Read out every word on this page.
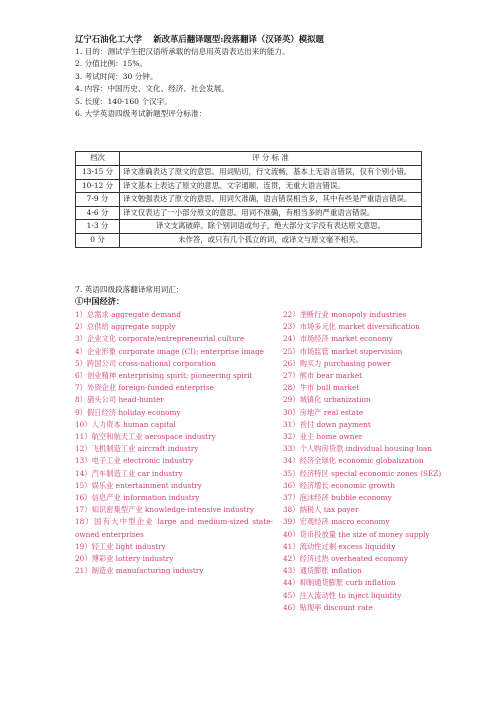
辽宁石油化工大学　 新改革后翻译题型:段落翻译（汉译英）模拟题
1. 目的：测试学生把汉语所承载的信息用英语表达出来的能力。
2. 分值比例：15%。
3. 考试时间：30 分钟。
4. 内容：中国历史、文化、经济、社会发展。
5. 长度：140-160 个汉字。
6. 大学英语四级考试新题型评分标准：
档次	评 分 标 准
13-15 分	译文准确表达了原文的意思。用词贴切，行文流畅，基本上无语言错误，仅有个别小错。
10-12 分	译文基本上表达了原文的意思。文字通顺、连贯，无重大语言错误。
7-9 分	译文勉强表达了原文的意思。用词欠准确，语言错误相当多，其中有些是严重语言错误。
4-6 分	译文仅表达了一小部分原文的意思。用词不准确，有相当多的严重语言错误。
1-3 分	译文支离破碎。除个别词语或句子，绝大部分文字没有表达原文意思。
0 分	未作答，或只有几个孤立的词，或译文与原文毫不相关。
7. 英语四级段落翻译常用词汇：
①中国经济：
1）总需求 aggregate demand
2）总供给 aggregate supply
3）企业文化 corporate/entrepreneurial culture
4）企业形象 corporate image (CI); enterprise image
5）跨国公司 cross-national corporation
6）创业精神 enterprising spirit; pioneering spirit
7）外资企业 foreign-funded enterprise
8）猎头公司 head-hunter
9）假日经济 holiday economy
10）人力资本 human capital
11）航空和航天工业 aerospace industry
12）飞机制造工业 aircraft industry
13）电子工业 electronic industry
14）汽车制造工业 car industry
15）娱乐业 entertainment industry
16）信息产业 information industry
17）知识密集型产业 knowledge-intensive industry
18）国有大中型企业 large and medium-sized state-owned enterprises
19）轻工业 light industry
20）博彩业 lottery industry
21）制造业 manufacturing industry
22）垄断行业 monopoly industries
23）市场多元化 market diversification
24）市场经济 market economy
25）市场监管 market supervision
26）购买力 purchasing power
27）熊市 bear market
28）牛市 bull market
29）城镇化 urbanization
30）房地产 real estate
31）首付 down payment
32）业主 home owner
33）个人购房贷款 individual housing loan
34）经济全球化 economic globalization
35）经济特区 special economic zones (SEZ)
36）经济增长 economic growth
37）泡沫经济 bubble economy
38）纳税人 tax payer
39）宏观经济 macro economy
40）货币投放量 the size of money supply
41）流动性过剩 excess liquidity
42）经济过热 overheated economy
43）通货膨胀 inflation
44）抑制通货膨胀 curb inflation
45）注入流动性 to inject liquidity
46）贴现率 discount rate
